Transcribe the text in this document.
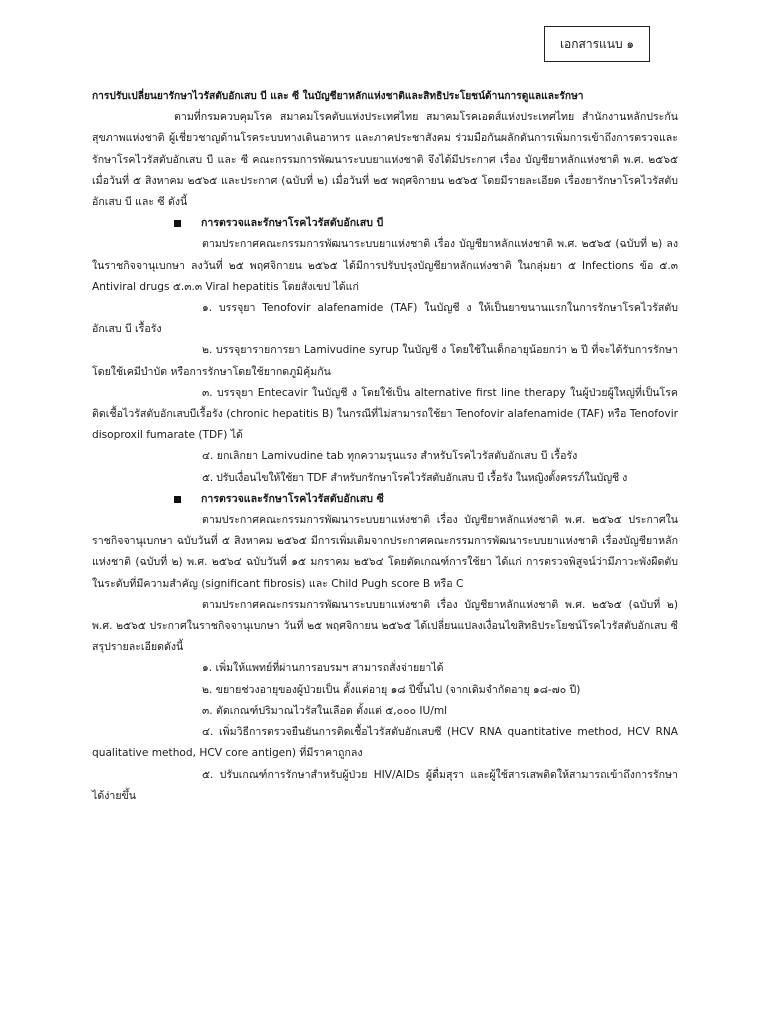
เอกสารแนบ ๑

การปรับเปลี่ยนยารักษาไวรัสตับอักเสบ บี และ ซี ในบัญชียาหลักแห่งชาติและสิทธิประโยชน์ด้านการดูแลและรักษา

ตามที่กรมควบคุมโรค สมาคมโรคตับแห่งประเทศไทย สมาคมโรคเอดส์แห่งประเทศไทย สำนักงานหลักประกันสุขภาพแห่งชาติ ผู้เชี่ยวชาญด้านโรคระบบทางเดินอาหาร และภาคประชาสังคม ร่วมมือกันผลักดันการเพิ่มการเข้าถึงการตรวจและรักษาโรคไวรัสตับอักเสบ บี และ ซี คณะกรรมการพัฒนาระบบยาแห่งชาติ จึงได้มีประกาศ เรื่อง บัญชียาหลักแห่งชาติ พ.ศ. ๒๕๖๕ เมื่อวันที่ ๕ สิงหาคม ๒๕๖๕ และประกาศ (ฉบับที่ ๒) เมื่อวันที่ ๒๕ พฤศจิกายน ๒๕๖๕ โดยมีรายละเอียด เรื่องยารักษาโรคไวรัสตับอักเสบ บี และ ซี ดังนี้

การตรวจและรักษาโรคไวรัสตับอักเสบ บี

ตามประกาศคณะกรรมการพัฒนาระบบยาแห่งชาติ เรื่อง บัญชียาหลักแห่งชาติ พ.ศ. ๒๕๖๕ (ฉบับที่ ๒) ลงในราชกิจจานุเบกษา ลงวันที่ ๒๕ พฤศจิกายน ๒๕๖๕ ได้มีการปรับปรุงบัญชียาหลักแห่งชาติ ในกลุ่มยา ๕ Infections ข้อ ๕.๓ Antiviral drugs ๕.๓.๓ Viral hepatitis โดยสังเขป ได้แก่

๑. บรรจุยา Tenofovir alafenamide (TAF) ในบัญชี ง ให้เป็นยาขนานแรกในการรักษาโรคไวรัสตับอักเสบ บี เรื้อรัง

๒. บรรจุยารายการยา Lamivudine syrup ในบัญชี ง โดยใช้ในเด็กอายุน้อยกว่า ๒ ปี ที่จะได้รับการรักษาโดยใช้เคมีบำบัด หรือการรักษาโดยใช้ยากดภูมิคุ้มกัน

๓. บรรจุยา Entecavir ในบัญชี ง โดยใช้เป็น alternative first line therapy ในผู้ป่วยผู้ใหญ่ที่เป็นโรคติดเชื้อไวรัสตับอักเสบบีเรื้อรัง (chronic hepatitis B) ในกรณีที่ไม่สามารถใช้ยา Tenofovir alafenamide (TAF) หรือ Tenofovir disoproxil fumarate (TDF) ได้

๔. ยกเลิกยา Lamivudine tab ทุกความรุนแรง สำหรับโรคไวรัสตับอักเสบ บี เรื้อรัง

๕. ปรับเงื่อนไขให้ใช้ยา TDF สำหรับกรักษาโรคไวรัสตับอักเสบ บี เรื้อรัง ในหญิงตั้งครรภ์ในบัญชี ง

การตรวจและรักษาโรคไวรัสตับอักเสบ ซี

ตามประกาศคณะกรรมการพัฒนาระบบยาแห่งชาติ เรื่อง บัญชียาหลักแห่งชาติ พ.ศ. ๒๕๖๕ ประกาศในราชกิจจานุเบกษา ฉบับวันที่ ๕ สิงหาคม ๒๕๖๕ มีการเพิ่มเติมจากประกาศคณะกรรมการพัฒนาระบบยาแห่งชาติ เรื่องบัญชียาหลักแห่งชาติ (ฉบับที่ ๒) พ.ศ. ๒๕๖๔ ฉบับวันที่ ๑๕ มกราคม ๒๕๖๔ โดยตัดเกณฑ์การใช้ยา ได้แก่ การตรวจพิสูจน์ว่ามีภาวะพังผืดตับในระดับที่มีความสำคัญ (significant fibrosis) และ Child Pugh score B หรือ C

ตามประกาศคณะกรรมการพัฒนาระบบยาแห่งชาติ เรื่อง บัญชียาหลักแห่งชาติ พ.ศ. ๒๕๖๕ (ฉบับที่ ๒) พ.ศ. ๒๕๖๕ ประกาศในราชกิจจานุเบกษา วันที่ ๒๕ พฤศจิกายน ๒๕๖๕ ได้เปลี่ยนแปลงเงื่อนไขสิทธิประโยชน์โรคไวรัสตับอักเสบ ซี สรุปรายละเอียดดังนี้

๑. เพิ่มให้แพทย์ที่ผ่านการอบรมฯ สามารถสั่งจ่ายยาได้

๒. ขยายช่วงอายุของผู้ป่วยเป็น ตั้งแต่อายุ ๑๘ ปีขึ้นไป (จากเดิมจำกัดอายุ ๑๘-๗๐ ปี)

๓. ตัดเกณฑ์ปริมาณไวรัสในเลือด ตั้งแต่ ๕,๐๐๐ IU/ml

๔. เพิ่มวิธีการตรวจยืนยันการติดเชื้อไวรัสตับอักเสบซี (HCV RNA quantitative method, HCV RNA qualitative method, HCV core antigen) ที่มีราคาถูกลง

๕. ปรับเกณฑ์การรักษาสำหรับผู้ป่วย HIV/AIDs ผู้ดื่มสุรา และผู้ใช้สารเสพติดให้สามารถเข้าถึงการรักษาได้ง่ายขึ้น
